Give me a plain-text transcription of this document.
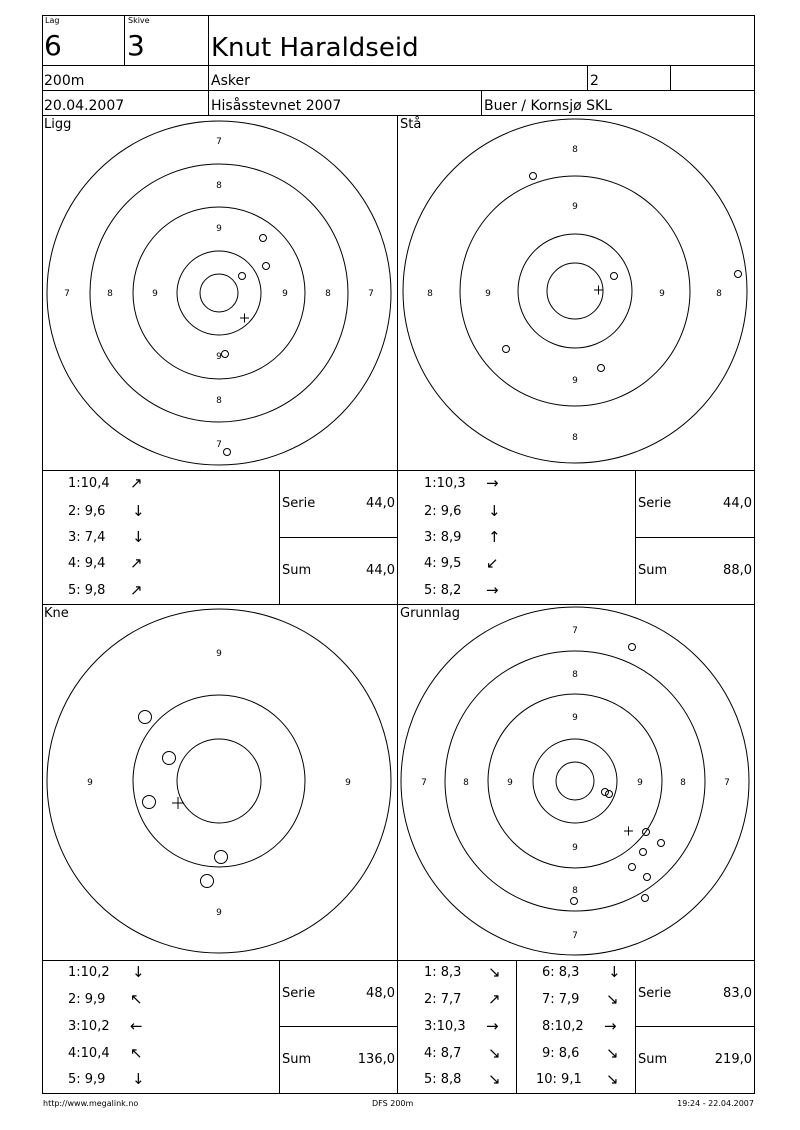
7
8
9
8
7
9
7	8	9	9	8	7
8
9
9
8
8	9	9	8
9
9
9	9
7
8
9
9
8
7
7	8	9	9	8	7
Lag
6
Skive
3	Knut Haraldseid
200m	Asker	2
20.04.2007	Hisåsstevnet 2007	Buer / Kornsjø SKL
Ligg	Stå
Kne	Grunnlag
1:10,4 ↗
2: 9,6 ↓
3: 7,4 ↓
4: 9,4 ↗
5: 9,8 ↗
Serie	44,0
Sum	44,0
1:10,3 →
2: 9,6 ↓
3: 8,9 ↑
4: 9,5 ↙
5: 8,2 →
Serie	44,0
Sum	88,0
1:10,2 ↓
2: 9,9 ↖
3:10,2 ←
4:10,4 ↖
5: 9,9 ↓
Serie	48,0
Sum	136,0
1: 8,3 ↘
2: 7,7 ↗
3:10,3 →
4: 8,7 ↘
5: 8,8 ↘
6: 8,3 ↓
7: 7,9 ↘
8:10,2 →
9: 8,6 ↘
10: 9,1 ↘
Serie	83,0
Sum	219,0
http://www.megalink.no	DFS 200m	19:24 - 22.04.2007
